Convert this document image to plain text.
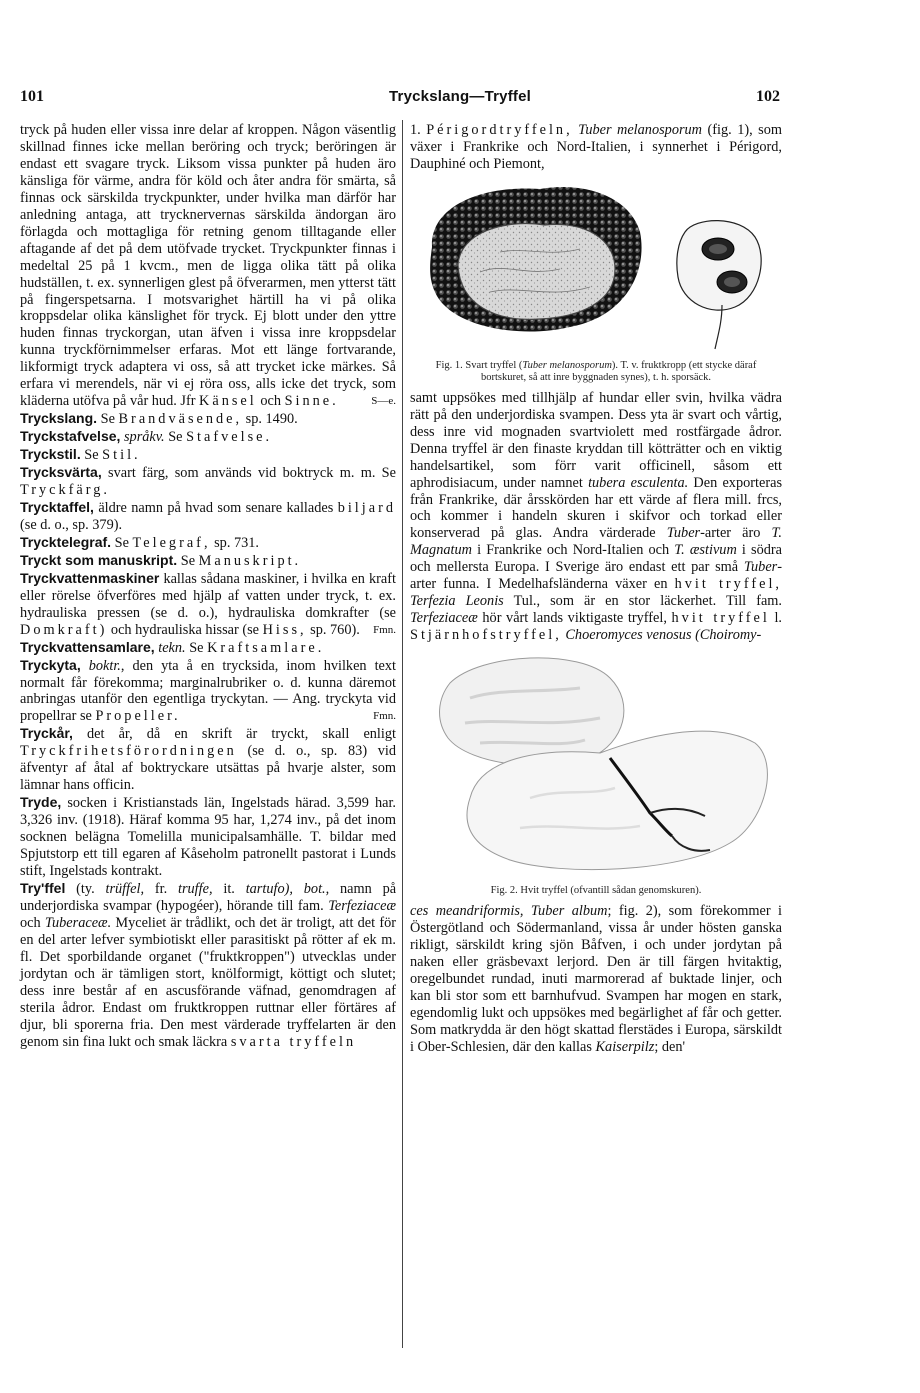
101	Tryckslang—Tryffel	102

tryck på huden eller vissa inre delar af kroppen. Någon väsentlig skillnad finnes icke mellan beröring och tryck; beröringen är endast ett svagare tryck. Liksom vissa punkter på huden äro känsliga för värme, andra för köld och åter andra för smärta, så finnas ock särskilda tryckpunkter, under hvilka man därför har anledning antaga, att trycknervernas särskilda ändorgan äro förlagda och mottagliga för retning genom tilltagande eller aftagande af det på dem utöfvade trycket. Tryckpunkter finnas i medeltal 25 på 1 kvcm., men de ligga olika tätt på olika hudställen, t. ex. synnerligen glest på öfverarmen, men ytterst tätt på fingerspetsarna. I motsvarighet härtill ha vi på olika kroppsdelar olika känslighet för tryck. Ej blott under den yttre huden finnas tryckorgan, utan äfven i vissa inre kroppsdelar kunna tryckförnimmelser erfaras. Mot ett länge fortvarande, likformigt tryck adaptera vi oss, så att trycket icke märkes. Så erfara vi merendels, när vi ej röra oss, alls icke det tryck, som kläderna utöfva på vår hud. Jfr Känsel och Sinne.	S—e.

Tryckslang. Se Brandväsende, sp. 1490.

Tryckstafvelse, språkv. Se Stafvelse.

Tryckstil. Se Stil.

Trycksvärta, svart färg, som används vid boktryck m. m. Se Tryckfärg.

Trycktaffel, äldre namn på hvad som senare kallades biljard (se d. o., sp. 379).

Trycktelegraf. Se Telegraf, sp. 731.

Tryckt som manuskript. Se Manuskript.

Tryckvattenmaskiner kallas sådana maskiner, i hvilka en kraft eller rörelse öfverföres med hjälp af vatten under tryck, t. ex. hydrauliska pressen (se d. o.), hydrauliska domkrafter (se Domkraft) och hydrauliska hissar (se Hiss, sp. 760). Fmn.

Tryckvattensamlare, tekn. Se Kraftsamlare.

Tryckyta, boktr., den yta å en trycksida, inom hvilken text normalt får förekomma; marginalrubriker o. d. kunna däremot anbringas utanför den egentliga tryckytan. — Ang. tryckyta vid propellrar se Propeller.	Fmn.

Tryckår, det år, då en skrift är tryckt, skall enligt Tryckfrihetsförordningen (se d. o., sp. 83) vid äfventyr af åtal af boktryckare utsättas på hvarje alster, som lämnar hans officin.

Tryde, socken i Kristianstads län, Ingelstads härad. 3,599 har. 3,326 inv. (1918). Häraf komma 95 har, 1,274 inv., på det inom socknen belägna Tomelilla municipalsamhälle. T. bildar med Spjutstorp ett till egaren af Kåseholm patronellt pastorat i Lunds stift, Ingelstads kontrakt.

Try'ffel (ty. trüffel, fr. truffe, it. tartufo), bot., namn på underjordiska svampar (hypogéer), hörande till fam. Terfeziaceæ och Tuberaceæ. Myceliet är trådlikt, och det är troligt, att det för en del arter lefver symbiotiskt eller parasitiskt på rötter af ek m. fl. Det sporbildande organet ("fruktkroppen") utvecklas under jordytan och är tämligen stort, knölformigt, köttigt och slutet; dess inre består af en ascusförande väfnad, genomdragen af sterila ådror. Endast om fruktkroppen ruttnar eller förtäres af djur, bli sporerna fria. Den mest värderade tryffelarten är den genom sin fina lukt och smak läckra svarta tryffeln

1. Périgordtryffeln, Tuber melanosporum (fig. 1), som växer i Frankrike och Nord-Italien, i synnerhet i Périgord, Dauphiné och Piemont,

Fig. 1. Svart tryffel (Tuber melanosporum). T. v. fruktkropp (ett stycke däraf bortskuret, så att inre byggnaden synes), t. h. sporsäck.

samt uppsökes med tillhjälp af hundar eller svin, hvilka vädra rätt på den underjordiska svampen. Dess yta är svart och vårtig, dess inre vid mognaden svartviolett med rostfärgade ådror. Denna tryffel är den finaste kryddan till kötträtter och en viktig handelsartikel, som förr varit officinell, såsom ett aphrodisiacum, under namnet tubera esculenta. Den exporteras från Frankrike, där årsskörden har ett värde af flera mill. frcs, och kommer i handeln skuren i skifvor och torkad eller konserverad på glas. Andra värderade Tuber-arter äro T. Magnatum i Frankrike och Nord-Italien och T. æstivum i södra och mellersta Europa. I Sverige äro endast ett par små Tuber-arter funna. I Medelhafsländerna växer en hvit tryffel, Terfezia Leonis Tul., som är en stor läckerhet. Till fam. Terfeziaceæ hör vårt lands viktigaste tryffel, hvit tryffel l. Stjärnhofstryffel, Choeromyces venosus (Choiromy-

Fig. 2. Hvit tryffel (ofvantill sådan genomskuren).

ces meandriformis, Tuber album; fig. 2), som förekommer i Östergötland och Södermanland, vissa år under hösten ganska rikligt, särskildt kring sjön Båfven, i och under jordytan på naken eller gräsbevaxt lerjord. Den är till färgen hvitaktig, oregelbundet rundad, inuti marmorerad af buktade linjer, och kan bli stor som ett barnhufvud. Svampen har mogen en stark, egendomlig lukt och uppsökes med begärlighet af får och getter. Som matkrydda är den högt skattad flerstädes i Europa, särskildt i Ober-Schlesien, där den kallas Kaiserpilz; den'
